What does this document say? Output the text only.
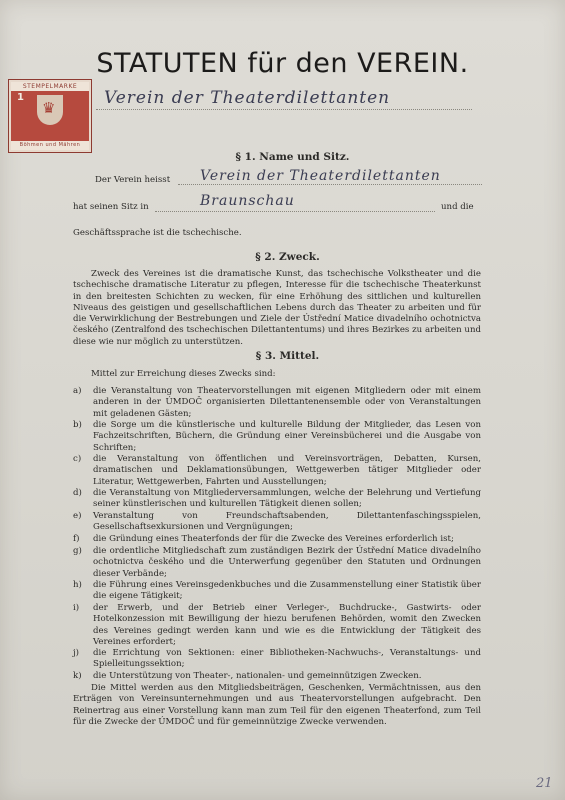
STATUTEN für den VEREIN.
STEMPELMARKE
1
♛
Böhmen und Mähren
Verein der Theaterdilettanten
§ 1. Name und Sitz.
Der Verein heisst Verein der Theaterdilettanten
hat seinen Sitz in	Braunschau	und die
Geschäftssprache ist die tschechische.
§ 2. Zweck.
Zweck des Vereines ist die dramatische Kunst, das tschechische Volkstheater und die tschechische dramatische Literatur zu pflegen, Interesse für die tschechische Theaterkunst in den breitesten Schichten zu wecken, für eine Erhöhung des sittlichen und kulturellen Niveaus des geistigen und gesellschaftlichen Lebens durch das Theater zu arbeiten und für die Verwirklichung der Bestrebungen und Ziele der Ústřední Matice divadelního ochotnictva českého (Zentralfond des tschechischen Dilettantentums) und ihres Bezirkes zu arbeiten und diese wie nur möglich zu unterstützen.
§ 3. Mittel.
Mittel zur Erreichung dieses Zwecks sind:
a) die Veranstaltung von Theatervorstellungen mit eigenen Mitgliedern oder mit einem anderen in der ÚMDOČ organisierten Dilettantenensemble oder von Veranstaltungen mit geladenen Gästen;
b) die Sorge um die künstlerische und kulturelle Bildung der Mitglieder, das Lesen von Fachzeitschriften, Büchern, die Gründung einer Vereinsbücherei und die Ausgabe von Schriften;
c) die Veranstaltung von öffentlichen und Vereinsvorträgen, Debatten, Kursen, dramatischen und Deklamationsübungen, Wettgewerben tätiger Mitglieder oder Literatur, Wettgewerben, Fahrten und Ausstellungen;
d) die Veranstaltung von Mitgliederversammlungen, welche der Belehrung und Vertiefung seiner künstlerischen und kulturellen Tätigkeit dienen sollen;
e) Veranstaltung von Freundschaftsabenden, Dilettantenfaschingsspielen, Gesellschaftsexkursionen und Vergnügungen;
f) die Gründung eines Theaterfonds der für die Zwecke des Vereines erforderlich ist;
g) die ordentliche Mitgliedschaft zum zuständigen Bezirk der Ústřední Matice divadelního ochotnictva českého und die Unterwerfung gegenüber den Statuten und Ordnungen dieser Verbände;
h) die Führung eines Vereinsgedenkbuches und die Zusammenstellung einer Statistik über die eigene Tätigkeit;
i) der Erwerb, und der Betrieb einer Verleger-, Buchdrucke-, Gastwirts- oder Hotelkonzession mit Bewilligung der hiezu berufenen Behörden, womit den Zwecken des Vereines gedingt werden kann und wie es die Entwicklung der Tätigkeit des Vereines erfordert;
j) die Errichtung von Sektionen: einer Bibliotheken-Nachwuchs-, Veranstaltungs- und Spielleitungssektion;
k) die Unterstützung von Theater-, nationalen- und gemeinnützigen Zwecken.
Die Mittel werden aus den Mitgliedsbeiträgen, Geschenken, Vermächtnissen, aus den Erträgen von Vereinsunternehmungen und aus Theatervorstellungen aufgebracht. Den Reinertrag aus einer Vorstellung kann man zum Teil für den eigenen Theaterfond, zum Teil für die Zwecke der ÚMDOČ und für gemeinnützige Zwecke verwenden.
21
